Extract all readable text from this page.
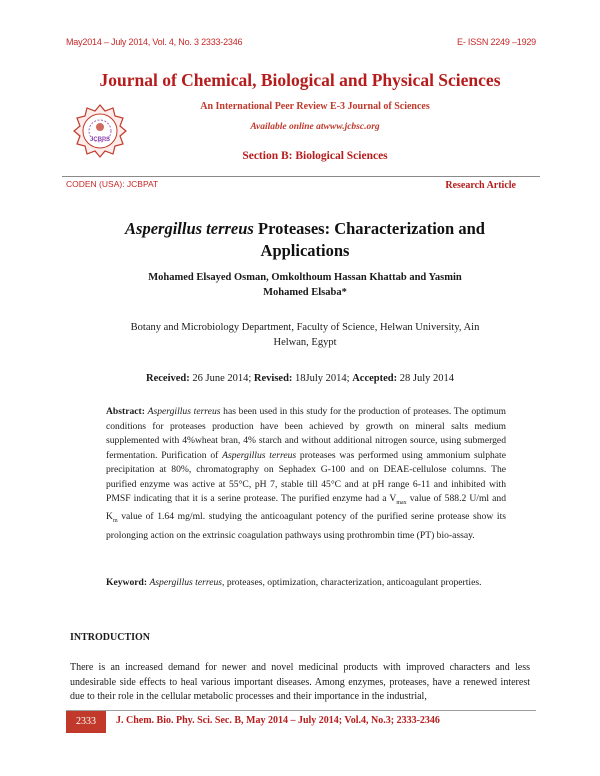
May2014 – July 2014, Vol. 4, No. 3 2333-2346	E- ISSN 2249 –1929
Journal of Chemical, Biological and Physical Sciences
JCBPS
An International Peer Review E-3 Journal of Sciences
Available online atwww.jcbsc.org
Section B: Biological Sciences
CODEN (USA): JCBPAT	Research Article
Aspergillus terreus Proteases: Characterization and Applications
Mohamed Elsayed Osman, Omkolthoum Hassan Khattab and Yasmin
Mohamed Elsaba*
Botany and Microbiology Department, Faculty of Science, Helwan University, Ain
Helwan, Egypt
Received: 26 June 2014; Revised: 18July 2014; Accepted: 28 July 2014
Abstract: Aspergillus terreus has been used in this study for the production of proteases. The optimum conditions for proteases production have been achieved by growth on mineral salts medium supplemented with 4%wheat bran, 4% starch and without additional nitrogen source, using submerged fermentation. Purification of Aspergillus terreus proteases was performed using ammonium sulphate precipitation at 80%, chromatography on Sephadex G-100 and on DEAE-cellulose columns. The purified enzyme was active at 55°C, pH 7, stable till 45°C and at pH range 6-11 and inhibited with PMSF indicating that it is a serine protease. The purified enzyme had a $V_{max}$ value of 588.2 U/ml and $K_m$ value of 1.64 mg/ml. studying the anticoagulant potency of the purified serine protease show its prolonging action on the extrinsic coagulation pathways using prothrombin time (PT) bio-assay.
Keyword: Aspergillus terreus, proteases, optimization, characterization, anticoagulant properties.
INTRODUCTION
There is an increased demand for newer and novel medicinal products with improved characters and less undesirable side effects to heal various important diseases. Among enzymes, proteases, have a renewed interest due to their role in the cellular metabolic processes and their importance in the industrial,
2333	J. Chem. Bio. Phy. Sci. Sec. B, May 2014 – July 2014; Vol.4, No.3; 2333-2346
